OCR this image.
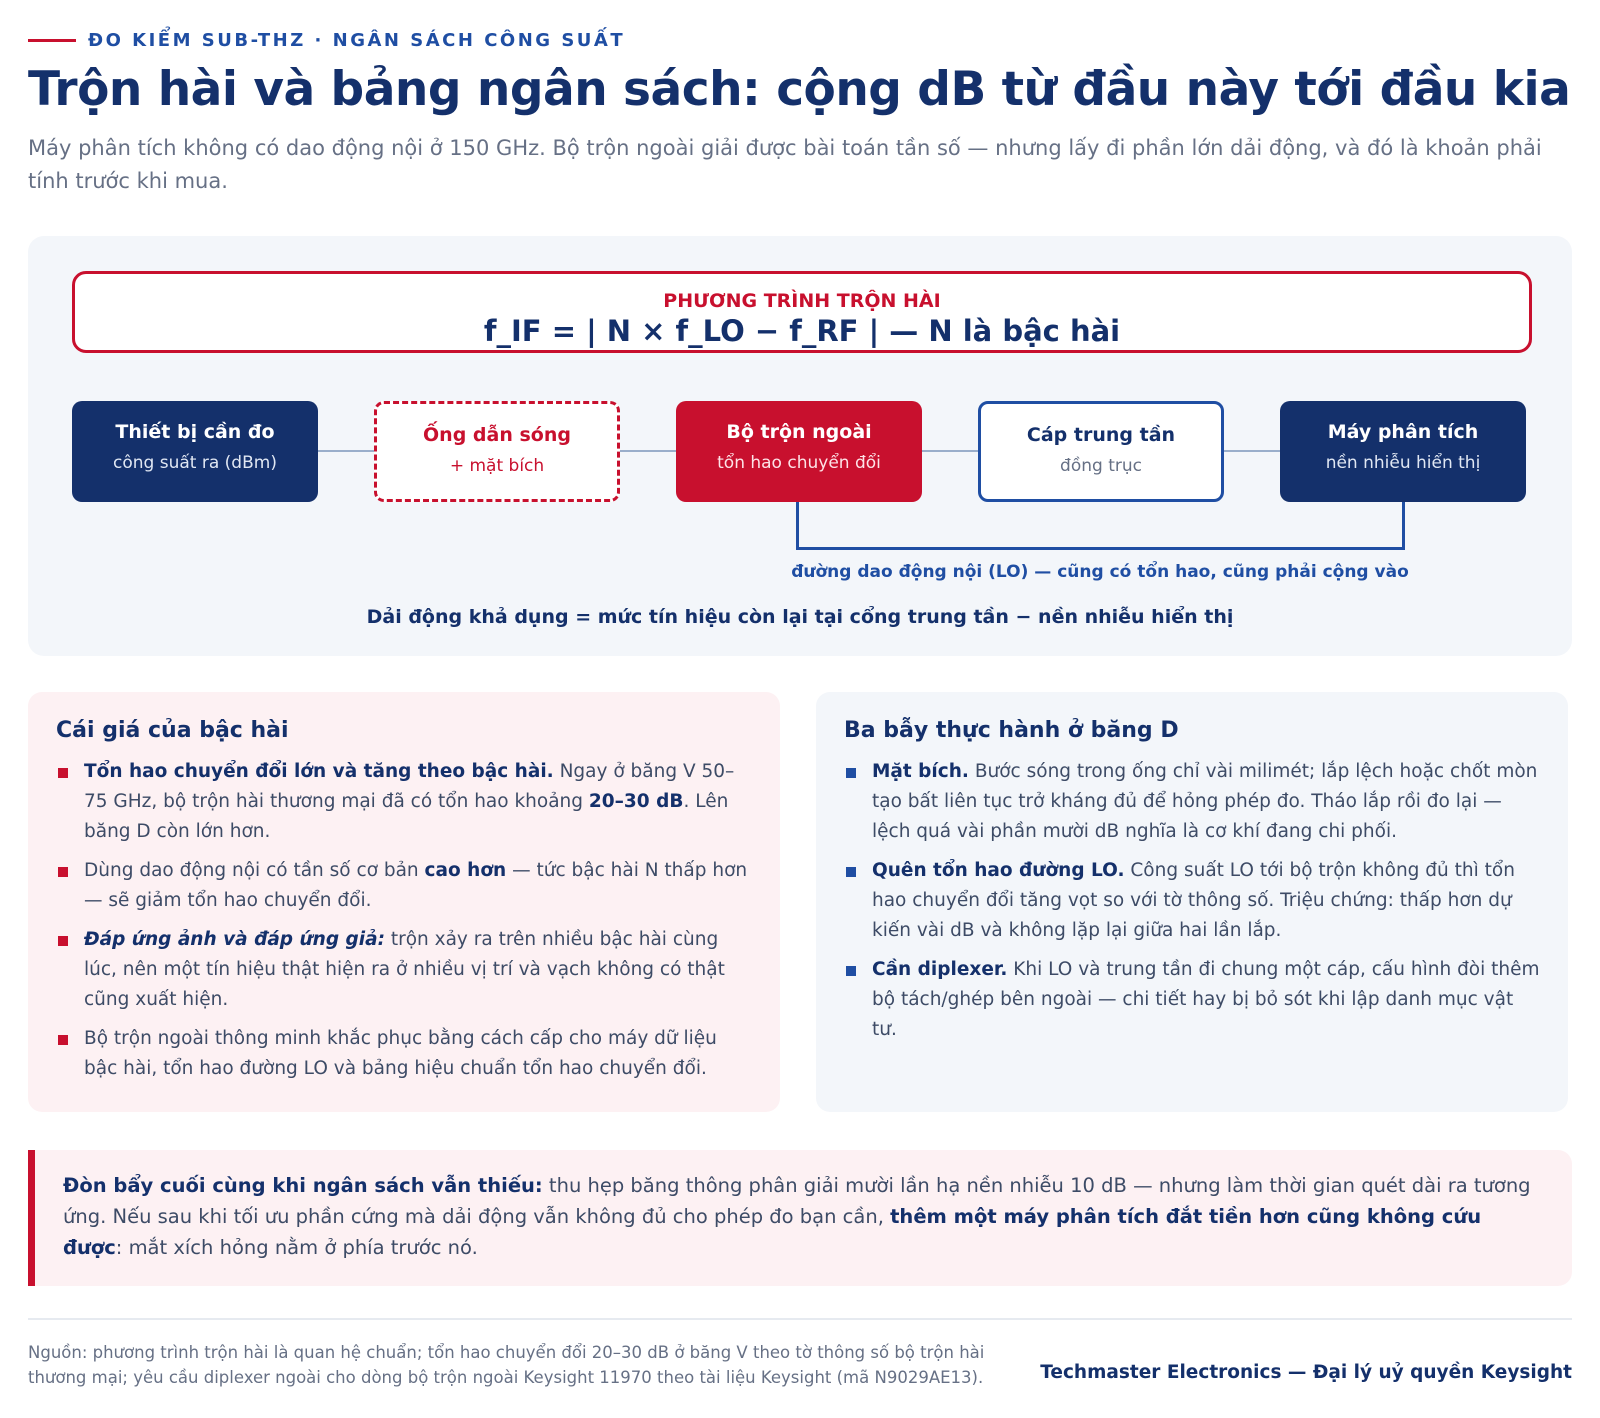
ĐO KIỂM SUB-THZ · NGÂN SÁCH CÔNG SUẤT
Trộn hài và bảng ngân sách: cộng dB từ đầu này tới đầu kia

Máy phân tích không có dao động nội ở 150 GHz. Bộ trộn ngoài giải được bài toán tần số — nhưng lấy đi phần lớn dải động, và đó là khoản phải tính trước khi mua.

PHƯƠNG TRÌNH TRỘN HÀI
f_IF = | N × f_LO − f_RF | — N là bậc hài
Thiết bị cần đo
công suất ra (dBm)
Ống dẫn sóng
+ mặt bích
Bộ trộn ngoài
tổn hao chuyển đổi
Cáp trung tần
đồng trục
Máy phân tích
nền nhiễu hiển thị
đường dao động nội (LO) — cũng có tổn hao, cũng phải cộng vào
Dải động khả dụng = mức tín hiệu còn lại tại cổng trung tần − nền nhiễu hiển thị
Cái giá của bậc hài
Tổn hao chuyển đổi lớn và tăng theo bậc hài. Ngay ở băng V 50–75 GHz, bộ trộn hài thương mại đã có tổn hao khoảng 20–30 dB. Lên băng D còn lớn hơn.
Dùng dao động nội có tần số cơ bản cao hơn — tức bậc hài N thấp hơn — sẽ giảm tổn hao chuyển đổi.
Đáp ứng ảnh và đáp ứng giả: trộn xảy ra trên nhiều bậc hài cùng lúc, nên một tín hiệu thật hiện ra ở nhiều vị trí và vạch không có thật cũng xuất hiện.
Bộ trộn ngoài thông minh khắc phục bằng cách cấp cho máy dữ liệu bậc hài, tổn hao đường LO và bảng hiệu chuẩn tổn hao chuyển đổi.
Ba bẫy thực hành ở băng D
Mặt bích. Bước sóng trong ống chỉ vài milimét; lắp lệch hoặc chốt mòn tạo bất liên tục trở kháng đủ để hỏng phép đo. Tháo lắp rồi đo lại — lệch quá vài phần mười dB nghĩa là cơ khí đang chi phối.
Quên tổn hao đường LO. Công suất LO tới bộ trộn không đủ thì tổn hao chuyển đổi tăng vọt so với tờ thông số. Triệu chứng: thấp hơn dự kiến vài dB và không lặp lại giữa hai lần lắp.
Cần diplexer. Khi LO và trung tần đi chung một cáp, cấu hình đòi thêm bộ tách/ghép bên ngoài — chi tiết hay bị bỏ sót khi lập danh mục vật tư.
Đòn bẩy cuối cùng khi ngân sách vẫn thiếu: thu hẹp băng thông phân giải mười lần hạ nền nhiễu 10 dB — nhưng làm thời gian quét dài ra tương ứng. Nếu sau khi tối ưu phần cứng mà dải động vẫn không đủ cho phép đo bạn cần, thêm một máy phân tích đắt tiền hơn cũng không cứu được: mắt xích hỏng nằm ở phía trước nó.

Nguồn: phương trình trộn hài là quan hệ chuẩn; tổn hao chuyển đổi 20–30 dB ở băng V theo tờ thông số bộ trộn hài thương mại; yêu cầu diplexer ngoài cho dòng bộ trộn ngoài Keysight 11970 theo tài liệu Keysight (mã N9029AE13).	Techmaster Electronics — Đại lý uỷ quyền Keysight
